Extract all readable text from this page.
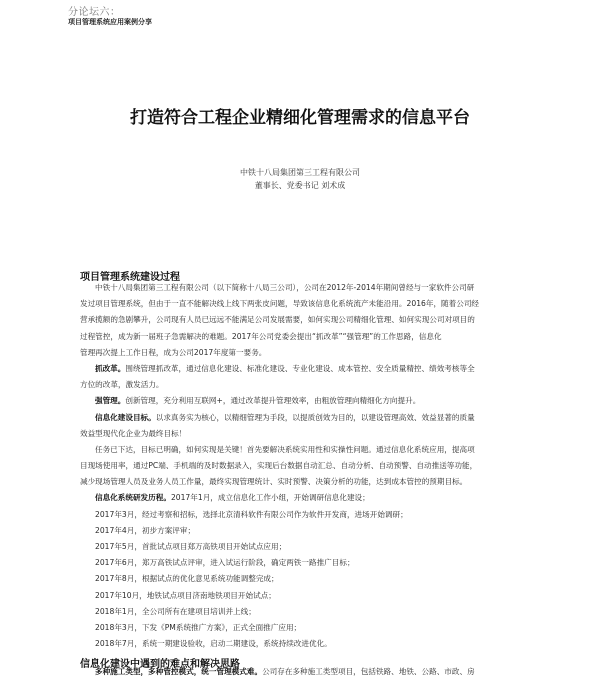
分论坛六：
项目管理系统应用案例分享
打造符合工程企业精细化管理需求的信息平台
中铁十八局集团第三工程有限公司
董事长、党委书记 刘术成
项目管理系统建设过程
中铁十八局集团第三工程有限公司（以下简称十八局三公司），公司在2012年-2014年期间曾经与一家软件公司研
发过项目管理系统，但由于一直不能解决线上线下两张皮问题，导致该信息化系统流产未能沿用。2016年，随着公司经
营承揽额的急剧攀升，公司现有人员已远远不能满足公司发展需要，如何实现公司精细化管理、如何实现公司对项目的
过程管控，成为新一届班子急需解决的难题。2017年公司党委会提出“抓改革”“强管理”的工作思路，信息化
管理再次提上工作日程，成为公司2017年度第一要务。
抓改革。围绕管理抓改革，通过信息化建设、标准化建设、专业化建设、成本管控、安全质量精控、绩效考核等全
方位的改革，激发活力。
强管理。创新管理，充分利用互联网+，通过改革提升管理效率，由粗放管理向精细化方向提升。
信息化建设目标。以求真务实为核心，以精细管理为手段，以提质创效为目的，以建设管理高效、效益显著的质量
效益型现代化企业为最终目标！
任务已下达，目标已明确，如何实现是关键！首先要解决系统实用性和实操性问题。通过信息化系统应用，提高项
目现场使用率，通过PC端、手机端的及时数据录入，实现后台数据自动汇总、自动分析、自动预警、自动推送等功能，
减少现场管理人员及业务人员工作量，最终实现管理统计、实时预警、决策分析的功能，达到成本管控的预期目标。
信息化系统研发历程。2017年1月，成立信息化工作小组，开始调研信息化建设；
2017年3月，经过考察和招标，选择北京清科软件有限公司作为软件开发商，进场开始调研；
2017年4月，初步方案评审；
2017年5月，首批试点项目郑万高铁项目开始试点应用；
2017年6月，郑万高铁试点评审，进入试运行阶段，确定两铁一路推广目标；
2017年8月，根据试点的优化意见系统功能调整完成；
2017年10月，地铁试点项目济南地铁项目开始试点；
2018年1月，全公司所有在建项目培训并上线；
2018年3月，下发《PM系统推广方案》，正式全面推广应用；
2018年7月，系统一期建设验收，启动二期建设，系统持续改进优化。
信息化建设中遇到的难点和解决思路
多种施工类型，多种管控模式，统一管理模式难。公司存在多种施工类型项目，包括铁路、地铁、公路、市政、房
